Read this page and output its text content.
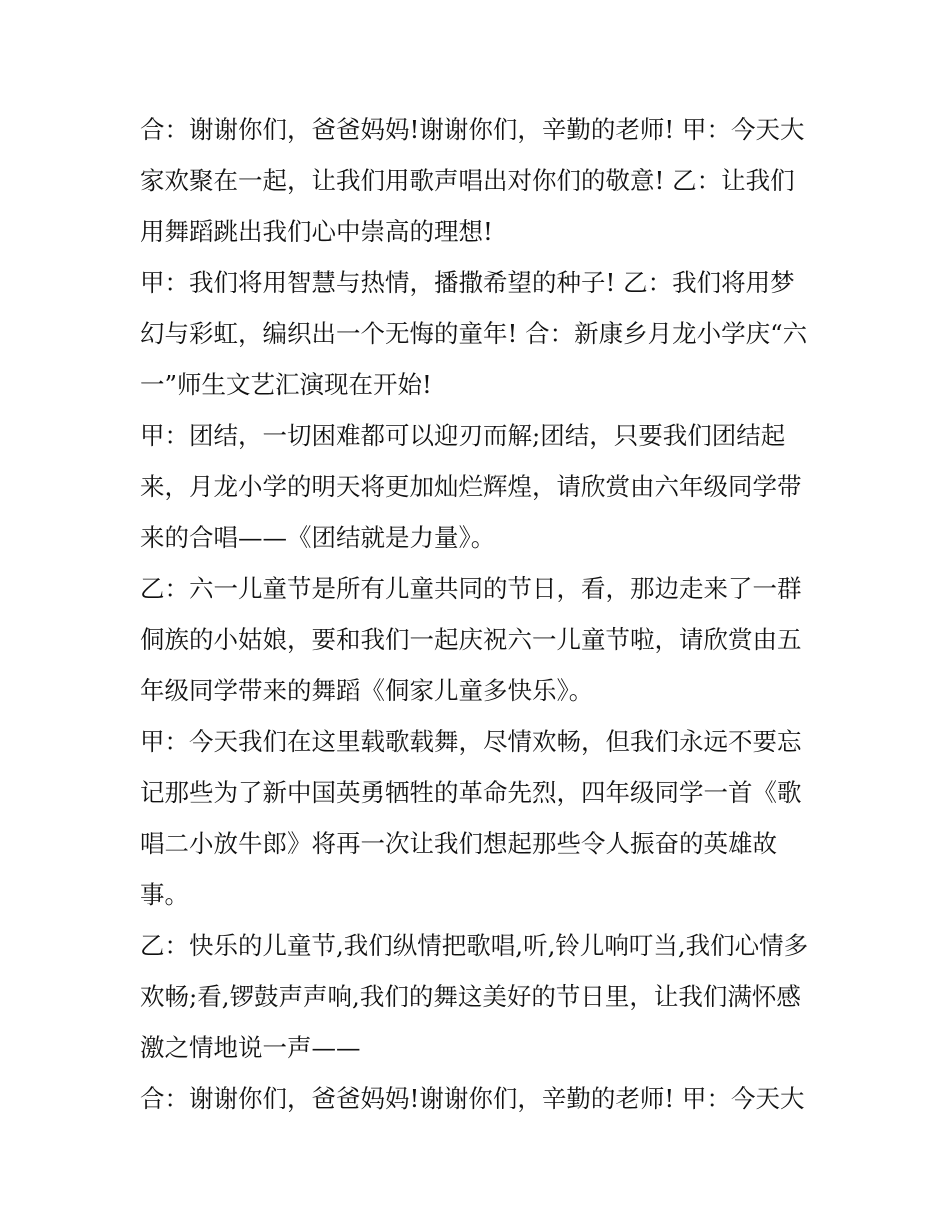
合：谢谢你们，爸爸妈妈!谢谢你们，辛勤的老师! 甲：今天大
家欢聚在一起，让我们用歌声唱出对你们的敬意! 乙：让我们
用舞蹈跳出我们心中崇高的理想!
甲：我们将用智慧与热情，播撒希望的种子! 乙：我们将用梦
幻与彩虹，编织出一个无悔的童年! 合：新康乡月龙小学庆“六
一”师生文艺汇演现在开始!
甲：团结，一切困难都可以迎刃而解;团结，只要我们团结起
来，月龙小学的明天将更加灿烂辉煌，请欣赏由六年级同学带
来的合唱——《团结就是力量》。
乙：六一儿童节是所有儿童共同的节日，看，那边走来了一群
侗族的小姑娘，要和我们一起庆祝六一儿童节啦，请欣赏由五
年级同学带来的舞蹈《侗家儿童多快乐》。
甲：今天我们在这里载歌载舞，尽情欢畅，但我们永远不要忘
记那些为了新中国英勇牺牲的革命先烈，四年级同学一首《歌
唱二小放牛郎》将再一次让我们想起那些令人振奋的英雄故
事。
乙：快乐的儿童节,我们纵情把歌唱,听,铃儿响叮当,我们心情多
欢畅;看,锣鼓声声响,我们的舞这美好的节日里，让我们满怀感
激之情地说一声——
合：谢谢你们，爸爸妈妈!谢谢你们，辛勤的老师! 甲：今天大
